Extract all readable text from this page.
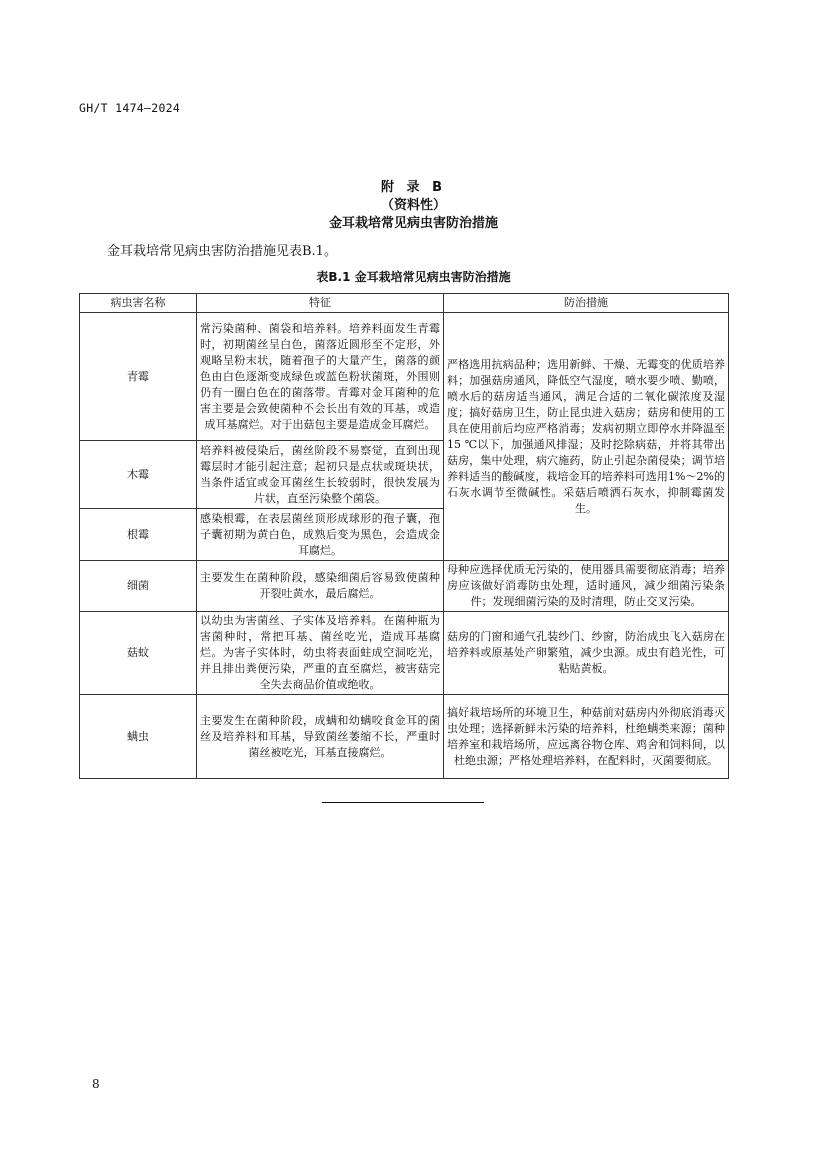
GH/T 1474—2024
附 录 B
（资料性）
金耳栽培常见病虫害防治措施
金耳栽培常见病虫害防治措施见表B.1。
表B.1 金耳栽培常见病虫害防治措施
病虫害名称	特征	防治措施
青霉	常污染菌种、菌袋和培养料。培养料面发生青霉时，初期菌丝呈白色，菌落近圆形至不定形，外观略呈粉末状，随着孢子的大量产生，菌落的颜色由白色逐渐变成绿色或蓝色粉状菌斑，外围则仍有一圈白色在的菌落带。青霉对金耳菌种的危害主要是会致使菌种不会长出有效的耳基，或造成耳基腐烂。对于出菇包主要是造成金耳腐烂。	严格选用抗病品种；选用新鲜、干燥、无霉变的优质培养料；加强菇房通风，降低空气湿度，喷水要少喷、勤喷，喷水后的菇房适当通风，满足合适的二氧化碳浓度及湿度；搞好菇房卫生，防止昆虫进入菇房；菇房和使用的工具在使用前后均应严格消毒；发病初期立即停水并降温至15 ℃以下，加强通风排湿；及时挖除病菇，并将其带出菇房，集中处理，病穴施药，防止引起杂菌侵染；调节培养料适当的酸碱度，栽培金耳的培养料可选用1%～2%的石灰水调节至微碱性。采菇后喷洒石灰水，抑制霉菌发生。
木霉	培养料被侵染后，菌丝阶段不易察觉，直到出现霉层时才能引起注意；起初只是点状或斑块状，当条件适宜或金耳菌丝生长较弱时，很快发展为片状，直至污染整个菌袋。	
根霉	感染根霉，在表层菌丝顶形成球形的孢子囊，孢子囊初期为黄白色，成熟后变为黑色，会造成金耳腐烂。	
细菌	主要发生在菌种阶段，感染细菌后容易致使菌种开裂吐黄水，最后腐烂。	母种应选择优质无污染的，使用器具需要彻底消毒；培养房应该做好消毒防虫处理，适时通风，减少细菌污染条件；发现细菌污染的及时清理，防止交叉污染。
菇蚊	以幼虫为害菌丝、子实体及培养料。在菌种瓶为害菌种时，常把耳基、菌丝吃光，造成耳基腐烂。为害子实体时，幼虫将表面蛀成空洞吃光，并且排出粪便污染，严重的直至腐烂，被害菇完全失去商品价值或绝收。	菇房的门窗和通气孔装纱门、纱窗，防治成虫飞入菇房在培养料或原基处产卵繁殖，减少虫源。成虫有趋光性，可粘贴黄板。
螨虫	主要发生在菌种阶段，成螨和幼螨咬食金耳的菌丝及培养料和耳基，导致菌丝萎缩不长，严重时菌丝被吃光，耳基直接腐烂。	搞好栽培场所的环境卫生，种菇前对菇房内外彻底消毒灭虫处理；选择新鲜未污染的培养料，杜绝螨类来源；菌种培养室和栽培场所，应远离谷物仓库、鸡舍和饲料间，以杜绝虫源；严格处理培养料，在配料时，灭菌要彻底。
8
